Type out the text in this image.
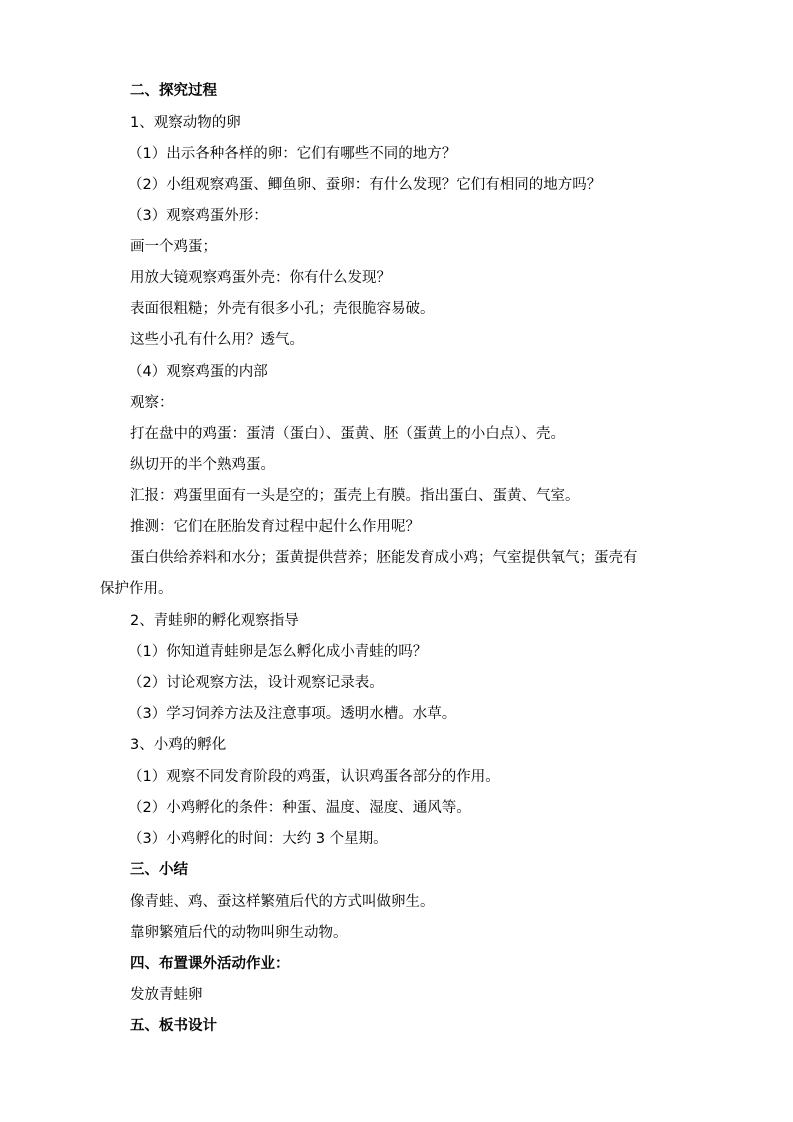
二、探究过程
1、观察动物的卵
（1）出示各种各样的卵：它们有哪些不同的地方？
（2）小组观察鸡蛋、鲫鱼卵、蚕卵：有什么发现？它们有相同的地方吗？
（3）观察鸡蛋外形：
画一个鸡蛋；
用放大镜观察鸡蛋外壳：你有什么发现？
表面很粗糙；外壳有很多小孔；壳很脆容易破。
这些小孔有什么用？透气。
（4）观察鸡蛋的内部
观察：
打在盘中的鸡蛋：蛋清（蛋白）、蛋黄、胚（蛋黄上的小白点）、壳。
纵切开的半个熟鸡蛋。
汇报：鸡蛋里面有一头是空的；蛋壳上有膜。指出蛋白、蛋黄、气室。
推测：它们在胚胎发育过程中起什么作用呢？
蛋白供给养料和水分；蛋黄提供营养；胚能发育成小鸡；气室提供氧气；蛋壳有
保护作用。
2、青蛙卵的孵化观察指导
（1）你知道青蛙卵是怎么孵化成小青蛙的吗？
（2）讨论观察方法，设计观察记录表。
（3）学习饲养方法及注意事项。透明水槽。水草。
3、小鸡的孵化
（1）观察不同发育阶段的鸡蛋，认识鸡蛋各部分的作用。
（2）小鸡孵化的条件：种蛋、温度、湿度、通风等。
（3）小鸡孵化的时间：大约 3 个星期。
三、小结
像青蛙、鸡、蚕这样繁殖后代的方式叫做卵生。
靠卵繁殖后代的动物叫卵生动物。
四、布置课外活动作业：
发放青蛙卵
五、板书设计
